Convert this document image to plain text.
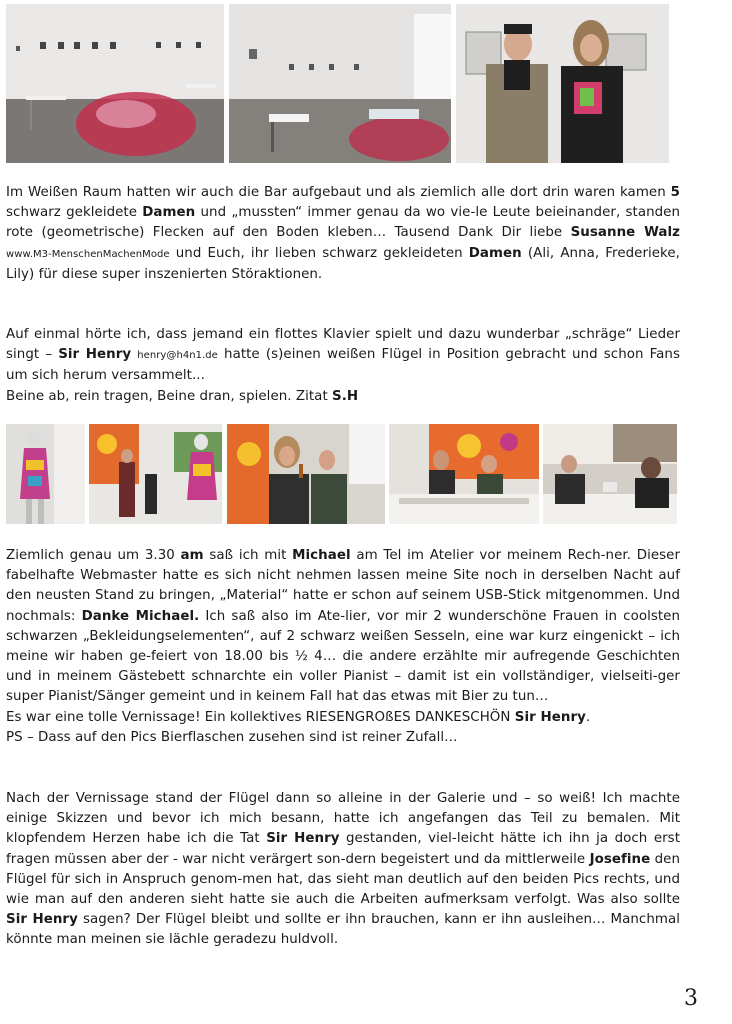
Im Weißen Raum hatten wir auch die Bar aufgebaut und als ziemlich alle dort drin waren kamen 5 schwarz gekleidete Damen und „mussten“ immer genau da wo vie-le Leute beieinander, standen rote (geometrische) Flecken auf den Boden kleben… Tausend Dank Dir liebe Susanne Walz www.M3-MenschenMachenMode und Euch, ihr lieben schwarz gekleideten Damen (Ali, Anna, Frederieke, Lily) für diese super inszenierten Störaktionen.
Auf einmal hörte ich, dass jemand ein flottes Klavier spielt und dazu wunderbar „schräge“ Lieder singt – Sir Henry henry@h4n1.de hatte (s)einen weißen Flügel in Position gebracht und schon Fans um sich herum versammelt...
Beine ab, rein tragen, Beine dran, spielen. Zitat S.H
Ziemlich genau um 3.30 am saß ich mit Michael am Tel im Atelier vor meinem Rech-ner. Dieser fabelhafte Webmaster hatte es sich nicht nehmen lassen meine Site noch in derselben Nacht auf den neusten Stand zu bringen, „Material“ hatte er schon auf seinem USB-Stick mitgenommen. Und nochmals: Danke Michael. Ich saß also im Ate-lier, vor mir 2 wunderschöne Frauen in coolsten schwarzen „Bekleidungselementen“, auf 2 schwarz weißen Sesseln, eine war kurz eingenickt – ich meine wir haben ge-feiert von 18.00 bis ½ 4… die andere erzählte mir aufregende Geschichten und in meinem Gästebett schnarchte ein voller Pianist – damit ist ein vollständiger, vielseiti-ger super Pianist/Sänger gemeint und in keinem Fall hat das etwas mit Bier zu tun…
Es war eine tolle Vernissage! Ein kollektives RIESENGROßES DANKESCHÖN Sir Henry.
PS – Dass auf den Pics Bierflaschen zusehen sind ist reiner Zufall…
Nach der Vernissage stand der Flügel dann so alleine in der Galerie und – so weiß! Ich machte einige Skizzen und bevor ich mich besann, hatte ich angefangen das Teil zu bemalen. Mit klopfendem Herzen habe ich die Tat Sir Henry gestanden, viel-leicht hätte ich ihn ja doch erst fragen müssen aber der - war nicht verärgert son-dern begeistert und da mittlerweile Josefine den Flügel für sich in Anspruch genom-men hat, das sieht man deutlich auf den beiden Pics rechts, und wie man auf den anderen sieht hatte sie auch die Arbeiten aufmerksam verfolgt. Was also sollte Sir Henry sagen? Der Flügel bleibt und sollte er ihn brauchen, kann er ihn ausleihen… Manchmal könnte man meinen sie lächle geradezu huldvoll.
3
